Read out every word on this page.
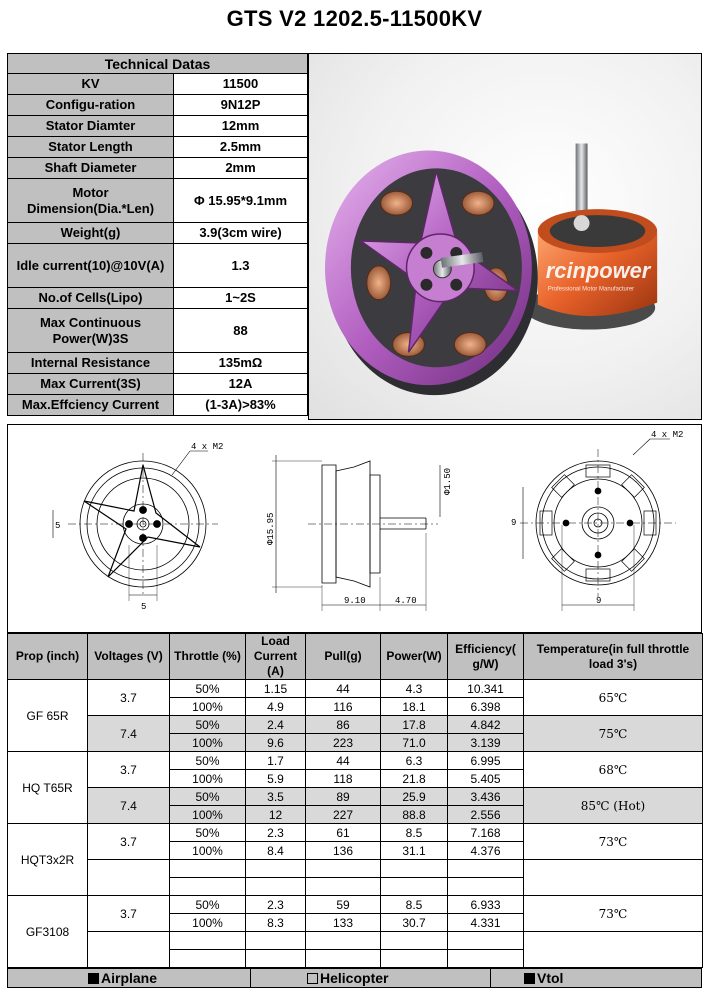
GTS V2 1202.5-11500KV
Technical Datas	
KV	11500
Configu-ration	9N12P
Stator Diamter	12mm
Stator Length	2.5mm
Shaft Diameter	2mm
Motor Dimension(Dia.*Len)	Φ 15.95*9.1mm
Weight(g)	3.9(3cm wire)
Idle current(10)@10V(A)	1.3
No.of Cells(Lipo)	1~2S
Max Continuous Power(W)3S	88
Internal Resistance	135mΩ
Max Current(3S)	12A
Max.Effciency Current	(1-3A)>83%
rcinpower
Professional Motor Manufacturer
4 x M2
5
5
Φ15.95
Φ1.50
9.10	4.70
4 x M2
9
9
Prop (inch)	Voltages (V)	Throttle (%)	Load Current (A)	Pull(g)	Power(W)	Efficiency( g/W)	Temperature(in full throttle load 3's)
GF 65R	3.7	50%	1.15	44	4.3	10.341	65℃
		100%	4.9	116	18.1	6.398	
	7.4	50%	2.4	86	17.8	4.842	75℃
		100%	9.6	223	71.0	3.139	
HQ T65R	3.7	50%	1.7	44	6.3	6.995	68℃
		100%	5.9	118	21.8	5.405	
	7.4	50%	3.5	89	25.9	3.436	85℃ (Hot)
		100%	12	227	88.8	2.556	
HQT3x2R	3.7	50%	2.3	61	8.5	7.168	73℃
		100%	8.4	136	31.1	4.376	

GF3108	3.7	50%	2.3	59	8.5	6.933	73℃
		100%	8.3	133	30.7	4.331	

Airplane	Helicopter	Vtol
